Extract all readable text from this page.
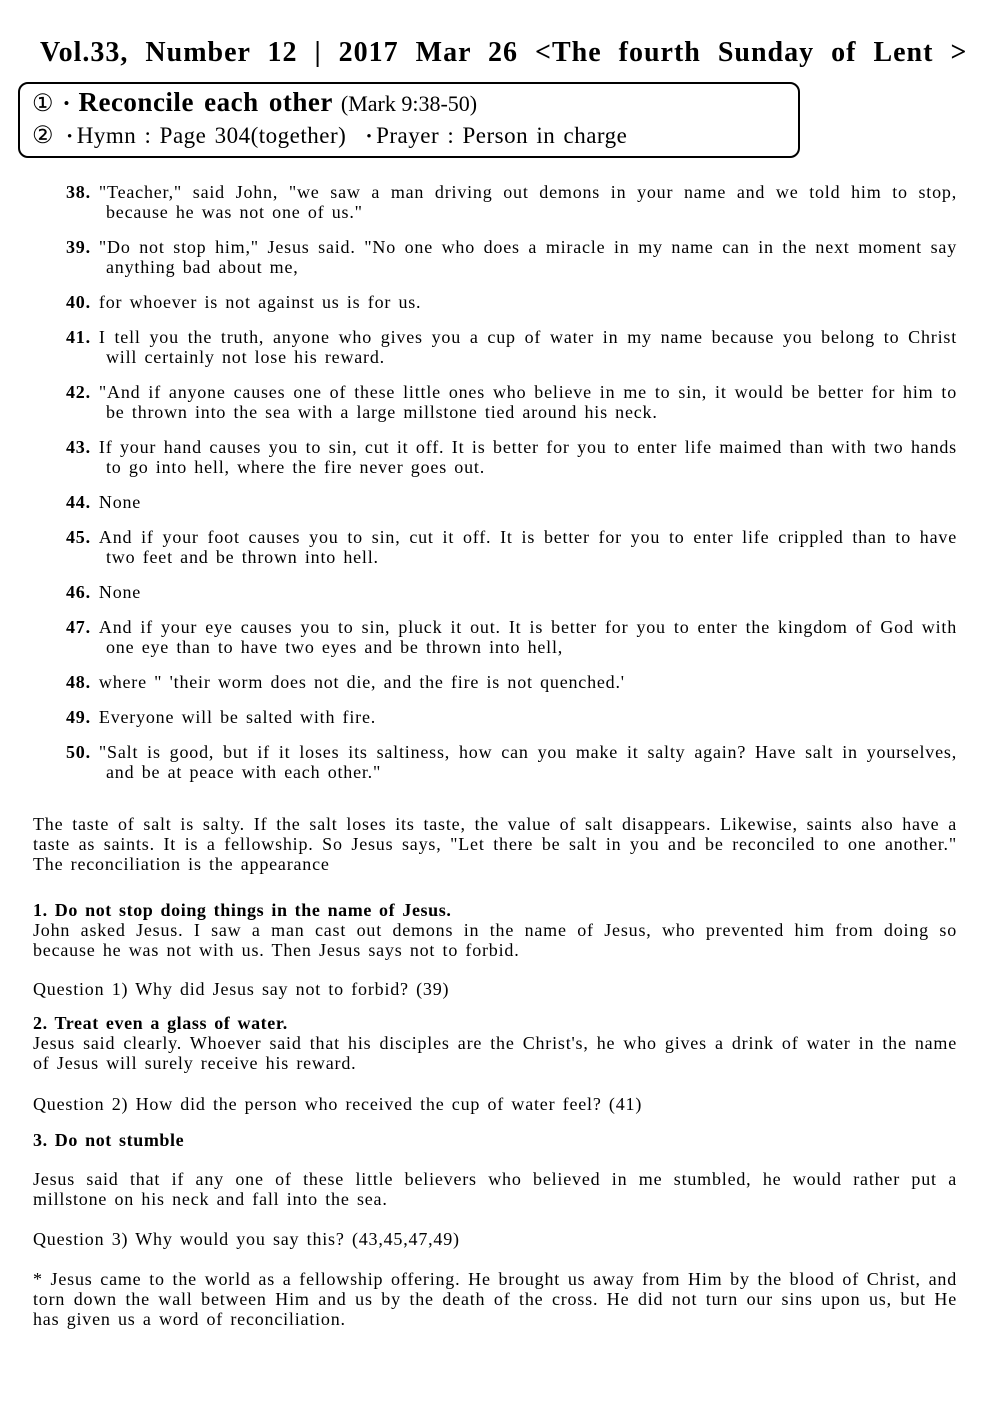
Vol.33, Number 12 | 2017 Mar 26 <The fourth Sunday of Lent >
① • Reconcile each other (Mark 9:38-50)
② • Hymn : Page 304(together) • Prayer : Person in charge

38. "Teacher," said John, "we saw a man driving out demons in your name and we told him to stop, because he was not one of us."

39. "Do not stop him," Jesus said. "No one who does a miracle in my name can in the next moment say anything bad about me,

40. for whoever is not against us is for us.

41. I tell you the truth, anyone who gives you a cup of water in my name because you belong to Christ will certainly not lose his reward.

42. "And if anyone causes one of these little ones who believe in me to sin, it would be better for him to be thrown into the sea with a large millstone tied around his neck.

43. If your hand causes you to sin, cut it off. It is better for you to enter life maimed than with two hands to go into hell, where the fire never goes out.

44. None

45. And if your foot causes you to sin, cut it off. It is better for you to enter life crippled than to have two feet and be thrown into hell.

46. None

47. And if your eye causes you to sin, pluck it out. It is better for you to enter the kingdom of God with one eye than to have two eyes and be thrown into hell,

48. where " 'their worm does not die, and the fire is not quenched.'

49. Everyone will be salted with fire.

50. "Salt is good, but if it loses its saltiness, how can you make it salty again? Have salt in yourselves, and be at peace with each other."

The taste of salt is salty. If the salt loses its taste, the value of salt disappears. Likewise, saints also have a taste as saints. It is a fellowship. So Jesus says, "Let there be salt in you and be reconciled to one another." The reconciliation is the appearance

1. Do not stop doing things in the name of Jesus.

John asked Jesus. I saw a man cast out demons in the name of Jesus, who prevented him from doing so because he was not with us. Then Jesus says not to forbid.

Question 1) Why did Jesus say not to forbid? (39)

2. Treat even a glass of water.

Jesus said clearly. Whoever said that his disciples are the Christ's, he who gives a drink of water in the name of Jesus will surely receive his reward.

Question 2) How did the person who received the cup of water feel? (41)

3. Do not stumble

Jesus said that if any one of these little believers who believed in me stumbled, he would rather put a millstone on his neck and fall into the sea.

Question 3) Why would you say this? (43,45,47,49)

* Jesus came to the world as a fellowship offering. He brought us away from Him by the blood of Christ, and torn down the wall between Him and us by the death of the cross. He did not turn our sins upon us, but He has given us a word of reconciliation.
